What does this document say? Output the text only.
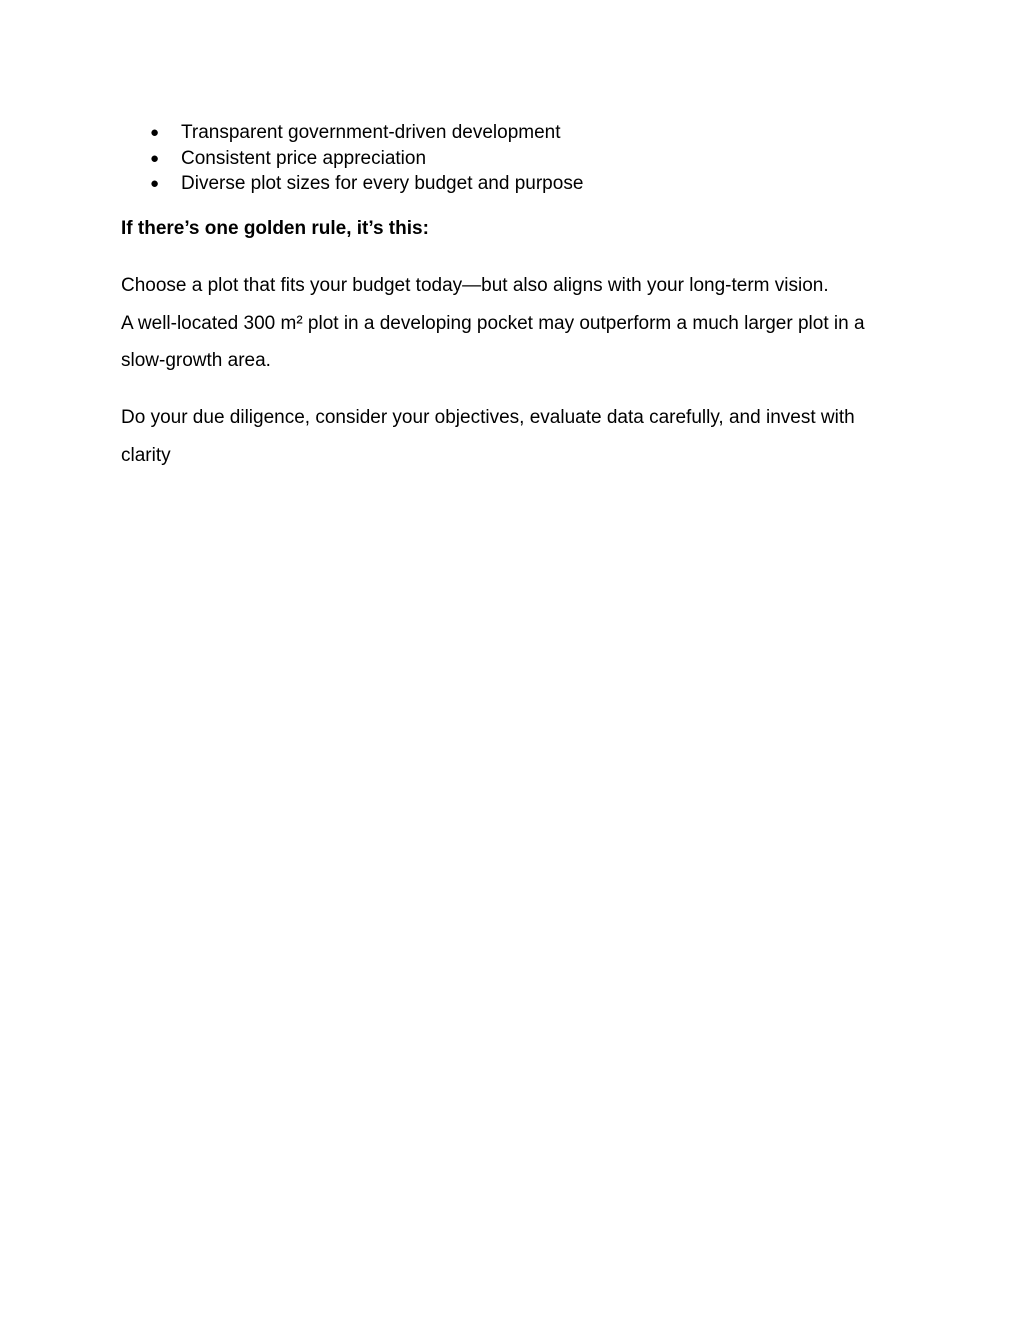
● Transparent government-driven development
● Consistent price appreciation
● Diverse plot sizes for every budget and purpose

If there’s one golden rule, it’s this:

Choose a plot that fits your budget today—but also aligns with your long-term vision.
A well-located 300 m² plot in a developing pocket may outperform a much larger plot in a slow-growth area.

Do your due diligence, consider your objectives, evaluate data carefully, and invest with clarity
